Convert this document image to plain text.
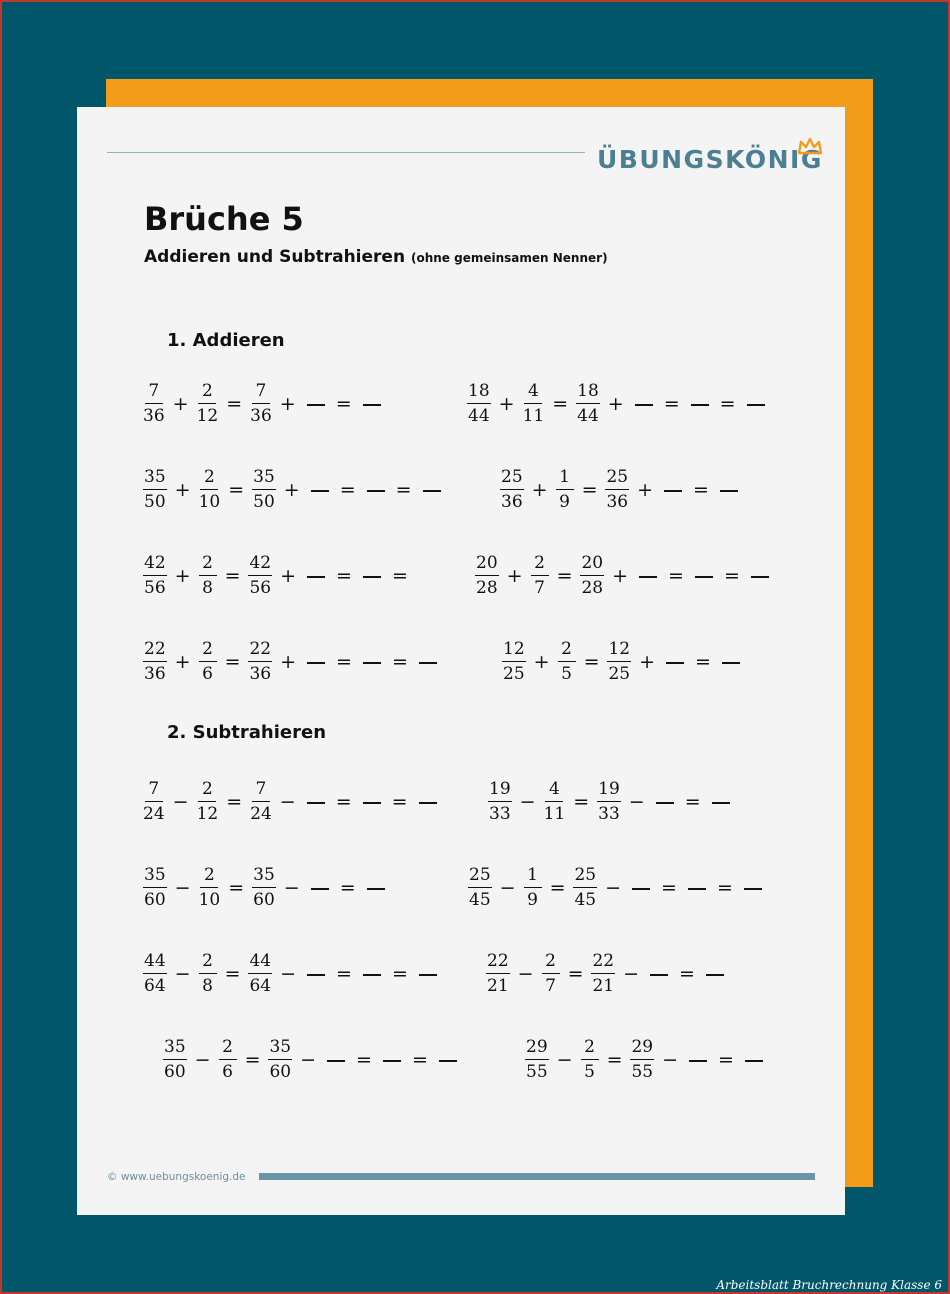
ÜBUNGSKÖNIG
Brüche 5
Addieren und Subtrahieren (ohne gemeinsamen Nenner)
1. Addieren
2. Subtrahieren
$\frac{7}{36} + \frac{2}{12} = \frac{7}{36}$ + =	$\frac{18}{44} + \frac{4}{11} = \frac{18}{44}$ + = =
$\frac{35}{50} + \frac{2}{10} = \frac{35}{50}$ + = =	$\frac{25}{36} + \frac{1}{9} = \frac{25}{36}$ + =
$\frac{42}{56} + \frac{2}{8} = \frac{42}{56}$ + = =	$\frac{20}{28} + \frac{2}{7} = \frac{20}{28}$ + = =
$\frac{22}{36} + \frac{2}{6} = \frac{22}{36}$ + = =	$\frac{12}{25} + \frac{2}{5} = \frac{12}{25}$ + =
$\frac{7}{24} - \frac{2}{12} = \frac{7}{24}$ − = =	$\frac{19}{33} - \frac{4}{11} = \frac{19}{33}$ − =
$\frac{35}{60} - \frac{2}{10} = \frac{35}{60}$ − =	$\frac{25}{45} - \frac{1}{9} = \frac{25}{45}$ − = =
$\frac{44}{64} - \frac{2}{8} = \frac{44}{64}$ − = =	$\frac{22}{21} - \frac{2}{7} = \frac{22}{21}$ − =
$\frac{35}{60} - \frac{2}{6} = \frac{35}{60}$ − = =	$\frac{29}{55} - \frac{2}{5} = \frac{29}{55}$ − =
© www.uebungskoenig.de
Arbeitsblatt Bruchrechnung Klasse 6
